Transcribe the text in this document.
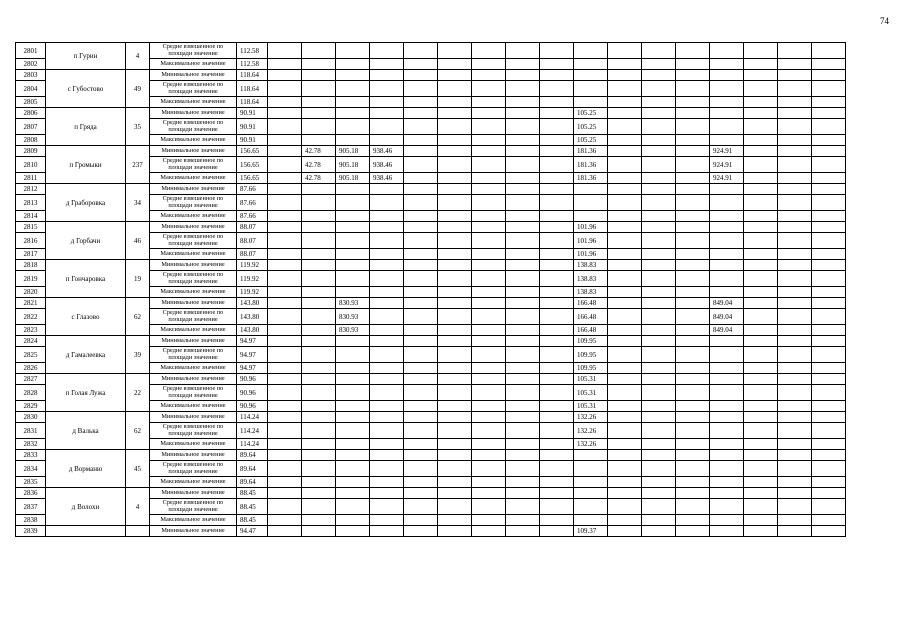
74
2801	п Гурин	4	Средне взвешенное по площади значение	112.58																	
2802			Максимальное значение	112.58																	
2803	с Губостово	49	Минимальное значение	118.64																	
2804			Средне взвешенное по площади значение	118.64																	
2805			Максимальное значение	118.64																	
2806	п Гряда	35	Минимальное значение	90.91										105.25							
2807			Средне взвешенное по площади значение	90.91										105.25							
2808			Максимальное значение	90.91										105.25							
2809	п Громыки	237	Минимальное значение	156.65		42.78	905.18	938.46						181.36				924.91			
2810			Средне взвешенное по площади значение	156.65		42.78	905.18	938.46						181.36				924.91			
2811			Максимальное значение	156.65		42.78	905.18	938.46						181.36				924.91			
2812	д Граборовка	34	Минимальное значение	87.66																	
2813			Средне взвешенное по площади значение	87.66																	
2814			Максимальное значение	87.66																	
2815	д Горбачи	46	Минимальное значение	88.07										101.96							
2816			Средне взвешенное по площади значение	88.07										101.96							
2817			Максимальное значение	88.07										101.96							
2818	п Гончаровка	19	Минимальное значение	119.92										138.83							
2819			Средне взвешенное по площади значение	119.92										138.83							
2820			Максимальное значение	119.92										138.83							
2821	с Глазово	62	Минимальное значение	143.80			830.93							166.48				849.04			
2822			Средне взвешенное по площади значение	143.80			830.93							166.48				849.04			
2823			Максимальное значение	143.80			830.93							166.48				849.04			
2824	д Гамалеевка	39	Минимальное значение	94.97										109.95							
2825			Средне взвешенное по площади значение	94.97										109.95							
2826			Максимальное значение	94.97										109.95							
2827	п Голая Лужа	22	Минимальное значение	90.96										105.31							
2828			Средне взвешенное по площади значение	90.96										105.31							
2829			Максимальное значение	90.96										105.31							
2830	д Валька	62	Минимальное значение	114.24										132.26							
2831			Средне взвешенное по площади значение	114.24										132.26							
2832			Максимальное значение	114.24										132.26							
2833	д Ворманю	45	Минимальное значение	89.64																	
2834			Средне взвешенное по площади значение	89.64																	
2835			Максимальное значение	89.64																	
2836	д Волохи	4	Минимальное значение	88.45																	
2837			Средне взвешенное по площади значение	88.45																	
2838			Максимальное значение	88.45																	
2839			Минимальное значение	94.47										109.37							
